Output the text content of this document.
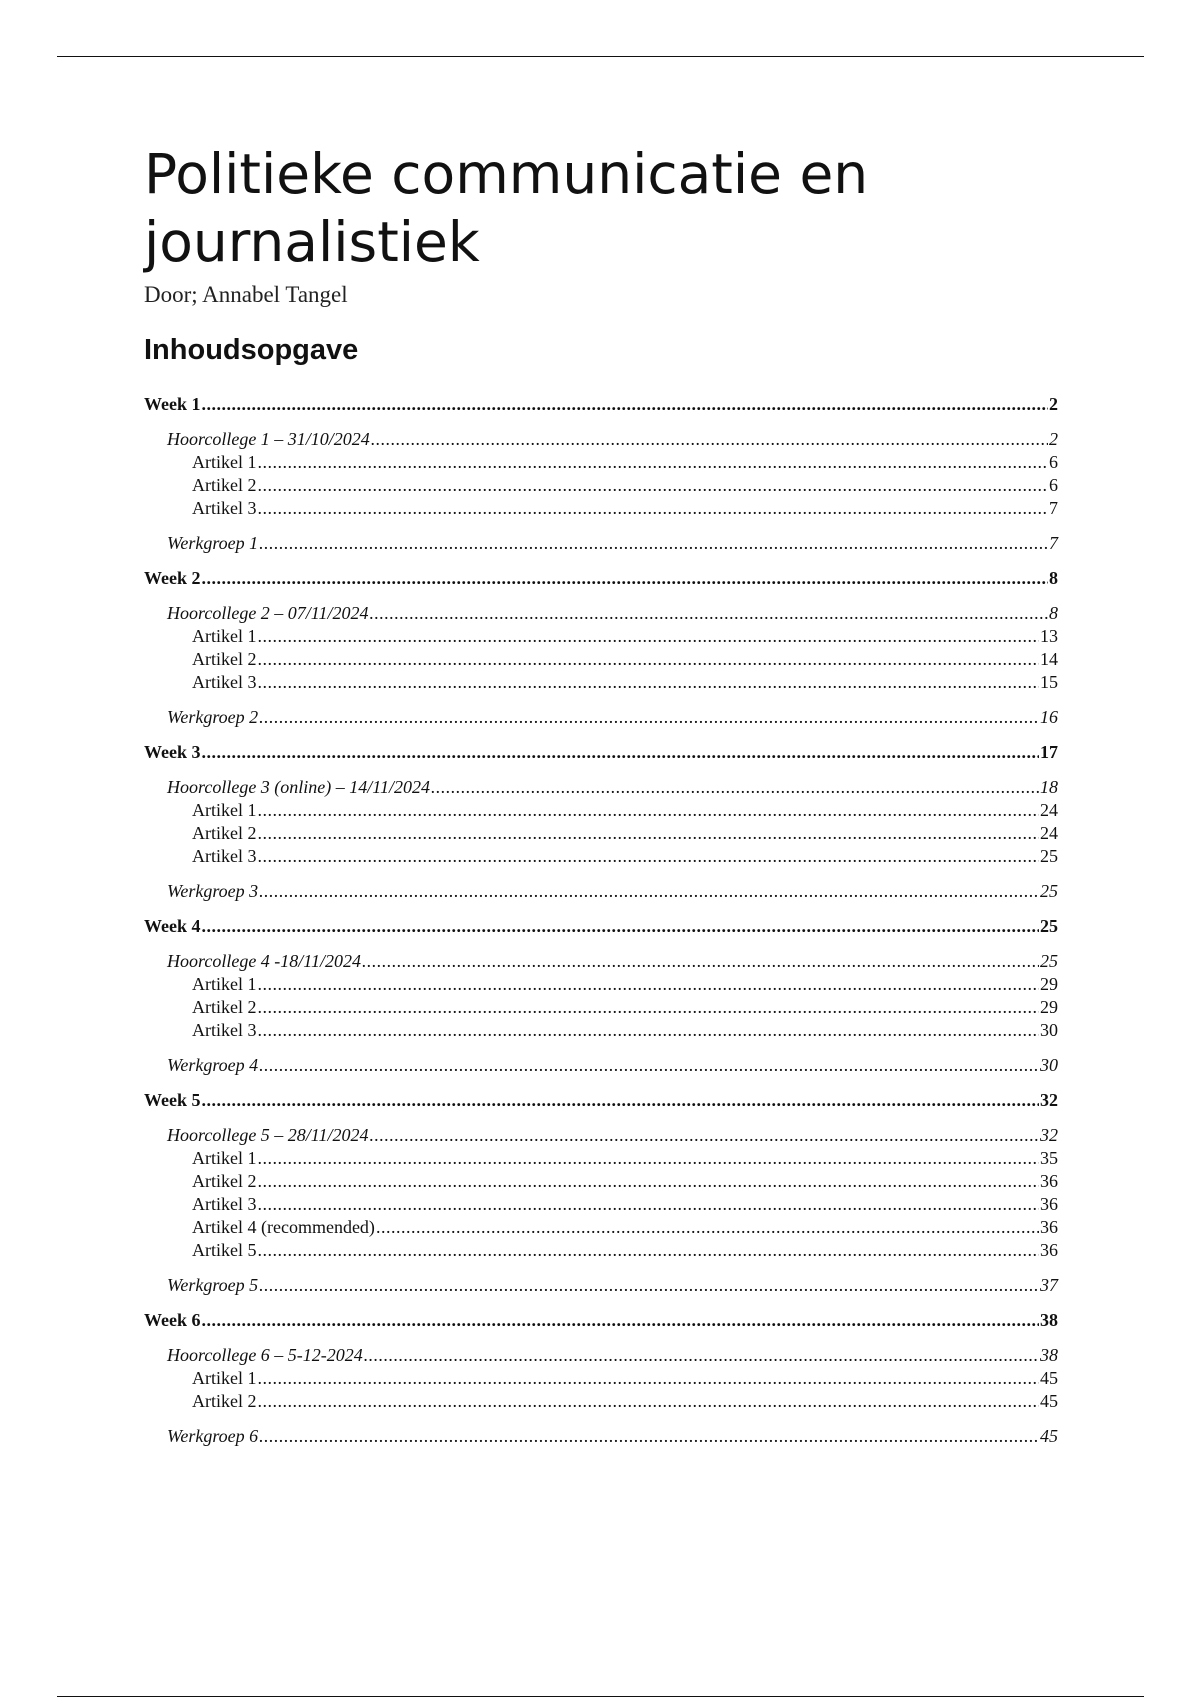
Politieke communicatie en journalistiek
Door; Annabel Tangel
Inhoudsopgave
Week 1 .....	2
Hoorcollege 1 – 31/10/2024 .....	2
Artikel 1 .....	6
Artikel 2 .....	6
Artikel 3 .....	7
Werkgroep 1 .....	7
Week 2 .....	8
Hoorcollege 2 – 07/11/2024 .....	8
Artikel 1 .....	13
Artikel 2 .....	14
Artikel 3 .....	15
Werkgroep 2 .....	16
Week 3 .....	17
Hoorcollege 3 (online) – 14/11/2024 .....	18
Artikel 1 .....	24
Artikel 2 .....	24
Artikel 3 .....	25
Werkgroep 3 .....	25
Week 4 .....	25
Hoorcollege 4 -18/11/2024 .....	25
Artikel 1 .....	29
Artikel 2 .....	29
Artikel 3 .....	30
Werkgroep 4 .....	30
Week 5 .....	32
Hoorcollege 5 – 28/11/2024 .....	32
Artikel 1 .....	35
Artikel 2 .....	36
Artikel 3 .....	36
Artikel 4 (recommended) .....	36
Artikel 5 .....	36
Werkgroep 5 .....	37
Week 6 .....	38
Hoorcollege 6 – 5-12-2024 .....	38
Artikel 1 .....	45
Artikel 2 .....	45
Werkgroep 6 .....	45
